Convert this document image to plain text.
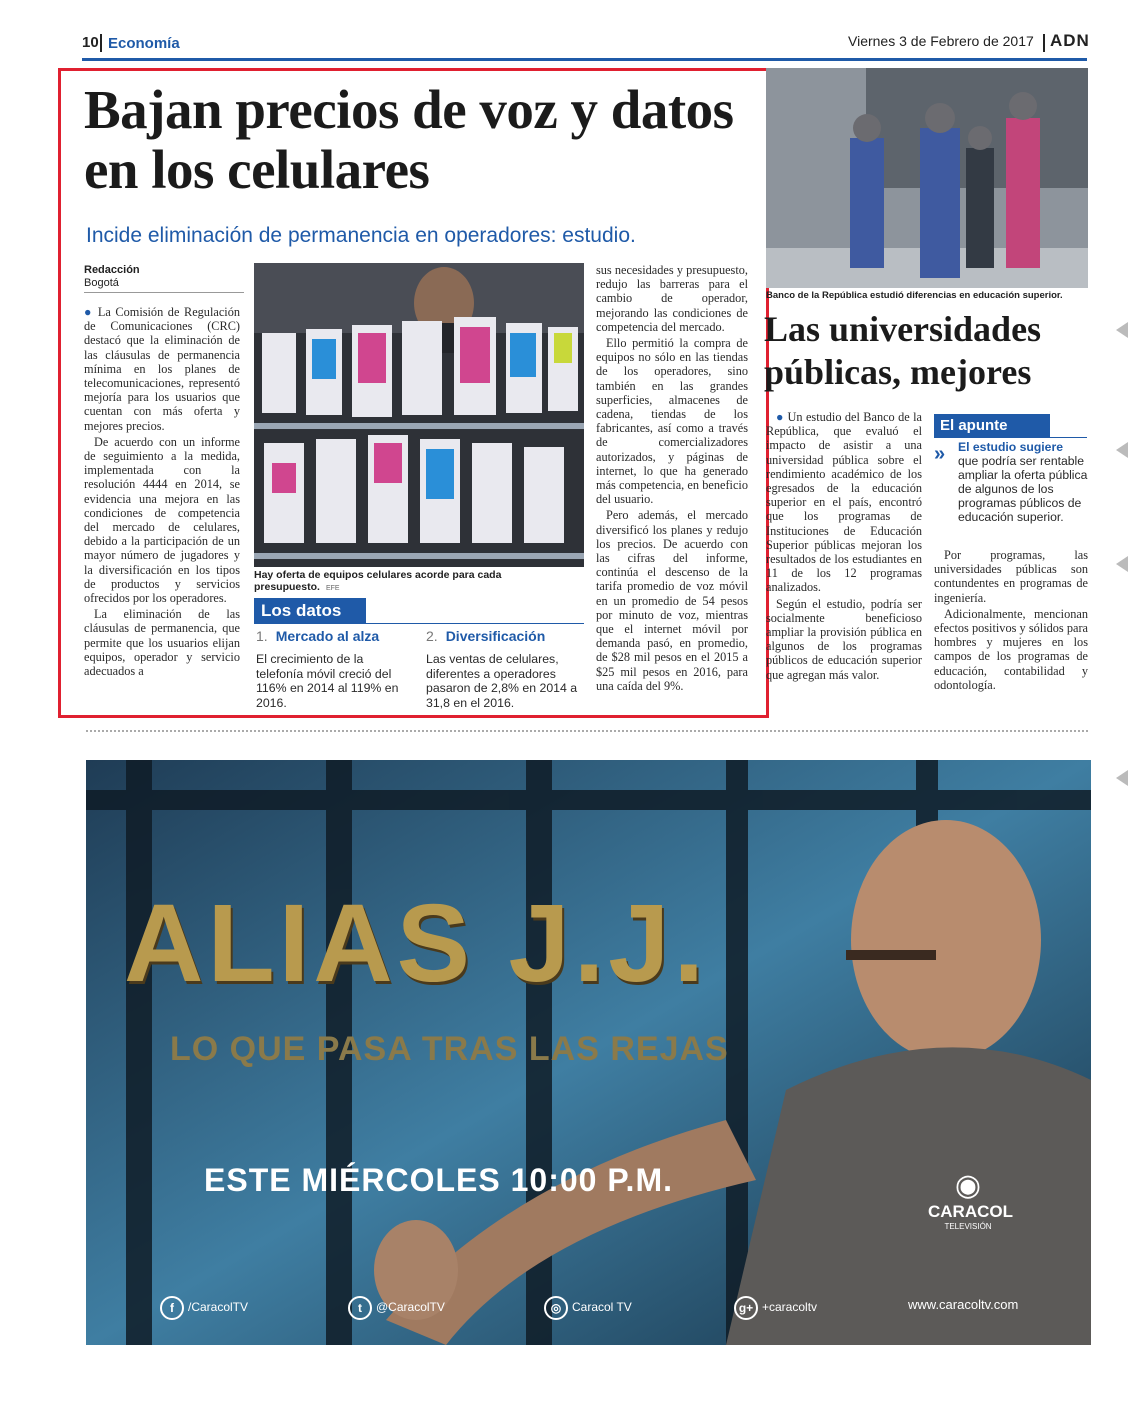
10 Economía	Viernes 3 de Febrero de 2017 ADN
Bajan precios de voz y datos en los celulares
Incide eliminación de permanencia en operadores: estudio.
Redacción
Bogotá

● La Comisión de Regulación de Comunicaciones (CRC) destacó que la eliminación de las cláusulas de permanencia mínima en los planes de telecomunicaciones, representó mejoría para los usuarios que cuentan con más oferta y mejores precios.

De acuerdo con un informe de seguimiento a la medida, implementada con la resolución 4444 en 2014, se evidencia una mejora en las condiciones de competencia del mercado de celulares, debido a la participación de un mayor número de jugadores y la diversificación en los tipos de productos y servicios ofrecidos por los operadores.

La eliminación de las cláusulas de permanencia, que permite que los usuarios elijan equipos, operador y servicio adecuados a

Hay oferta de equipos celulares acorde para cada presupuesto. EFE

sus necesidades y presupuesto, redujo las barreras para el cambio de operador, mejorando las condiciones de competencia del mercado.

Ello permitió la compra de equipos no sólo en las tiendas de los operadores, sino también en las grandes superficies, almacenes de cadena, tiendas de los fabricantes, así como a través de comercializadores autorizados, y páginas de internet, lo que ha generado más competencia, en beneficio del usuario.

Pero además, el mercado diversificó los planes y redujo los precios. De acuerdo con las cifras del informe, continúa el descenso de la tarifa promedio de voz móvil en un promedio de 54 pesos por minuto de voz, mientras que el internet móvil por demanda pasó, en promedio, de $28 mil pesos en el 2015 a $25 mil pesos en 2016, para una caída del 9%.

Los datos
1. Mercado al alza
El crecimiento de la telefonía móvil creció del 116% en 2014 al 119% en 2016.
2. Diversificación
Las ventas de celulares, diferentes a operadores pasaron de 2,8% en 2014 a 31,8 en el 2016.
Banco de la República estudió diferencias en educación superior.
Las universidades públicas, mejores

● Un estudio del Banco de la República, que evaluó el impacto de asistir a una universidad pública sobre el rendimiento académico de los egresados de la educación superior en el país, encontró que los programas de Instituciones de Educación Superior públicas mejoran los resultados de los estudiantes en 11 de los 12 programas analizados.

Según el estudio, podría ser socialmente beneficioso ampliar la provisión pública en algunos de los programas públicos de educación superior que agregan más valor.

El apunte
» El estudio sugiere
que podría ser rentable ampliar la oferta pública de algunos de los programas públicos de educación superior.

Por programas, las universidades públicas son contundentes en programas de ingeniería.

Adicionalmente, mencionan efectos positivos y sólidos para hombres y mujeres en los campos de los programas de educación, contabilidad y odontología.

ALIAS J.J.
LO QUE PASA TRAS LAS REJAS
ESTE MIÉRCOLES 10:00 P.M.	◉
CARACOL
TELEVISIÓN
f /CaracolTV	t @CaracolTV	◎ Caracol TV	g+ +caracoltv	www.caracoltv.com
